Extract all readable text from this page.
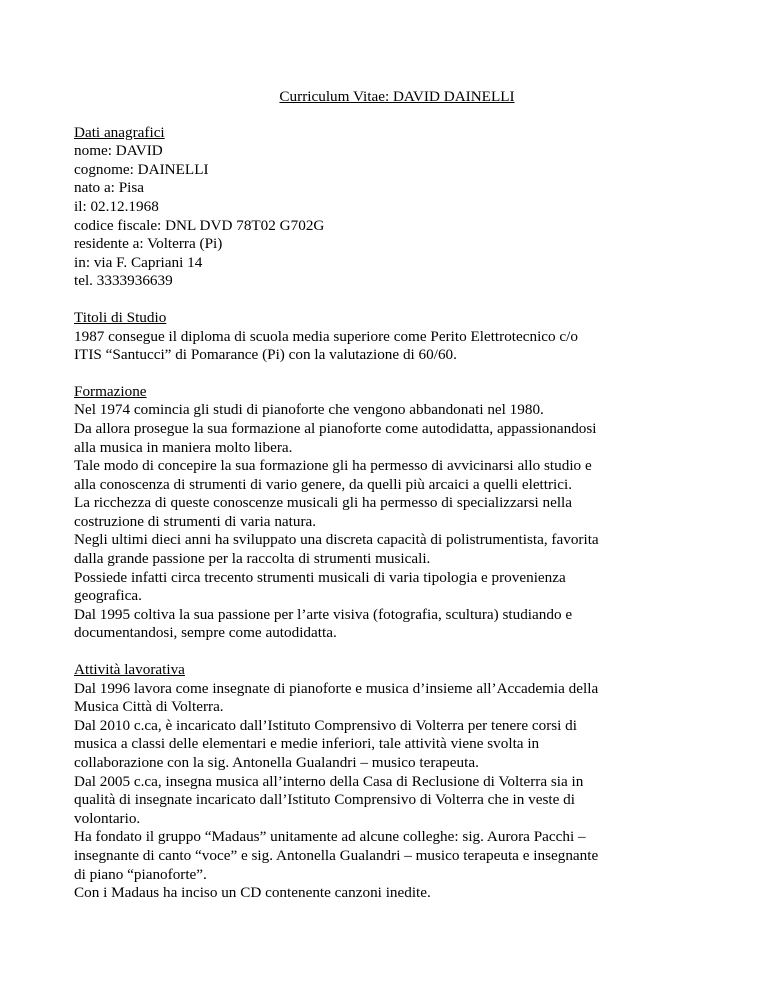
Curriculum Vitae: DAVID DAINELLI

Dati anagrafici

nome: DAVID

cognome: DAINELLI

nato a: Pisa

il: 02.12.1968

codice fiscale: DNL DVD 78T02 G702G

residente a: Volterra (Pi)

in: via F. Capriani 14

tel. 3333936639

Titoli di Studio

1987 consegue il diploma di scuola media superiore come Perito Elettrotecnico c/o

ITIS “Santucci” di Pomarance (Pi) con la valutazione di 60/60.

Formazione

Nel 1974 comincia gli studi di pianoforte che vengono abbandonati nel 1980.

Da allora prosegue la sua formazione al pianoforte come autodidatta, appassionandosi

alla musica in maniera molto libera.

Tale modo di concepire la sua formazione gli ha permesso di avvicinarsi allo studio e

alla conoscenza di strumenti di vario genere, da quelli più arcaici a quelli elettrici.

La ricchezza di queste conoscenze musicali gli ha permesso di specializzarsi nella

costruzione di strumenti di varia natura.

Negli ultimi dieci anni ha sviluppato una discreta capacità di polistrumentista, favorita

dalla grande passione per la raccolta di strumenti musicali.

Possiede infatti circa trecento strumenti musicali di varia tipologia e provenienza

geografica.

Dal 1995 coltiva la sua passione per l’arte visiva (fotografia, scultura) studiando e

documentandosi, sempre come autodidatta.

Attività lavorativa

Dal 1996 lavora come insegnate di pianoforte e musica d’insieme all’Accademia della

Musica Città di Volterra.

Dal 2010 c.ca, è incaricato dall’Istituto Comprensivo di Volterra per tenere corsi di

musica a classi delle elementari e medie inferiori, tale attività viene svolta in

collaborazione con la sig. Antonella Gualandri – musico terapeuta.

Dal 2005 c.ca, insegna musica all’interno della Casa di Reclusione di Volterra sia in

qualità di insegnate incaricato dall’Istituto Comprensivo di Volterra che in veste di

volontario.

Ha fondato il gruppo “Madaus” unitamente ad alcune colleghe: sig. Aurora Pacchi –

insegnante di canto “voce” e sig. Antonella Gualandri – musico terapeuta e insegnante

di piano “pianoforte”.

Con i Madaus ha inciso un CD contenente canzoni inedite.
